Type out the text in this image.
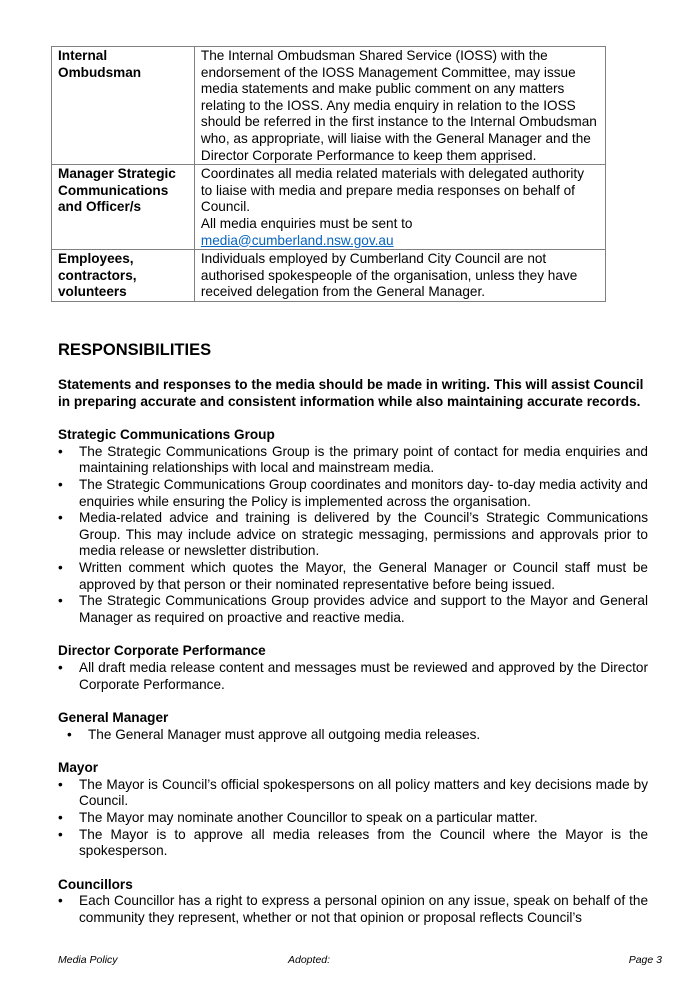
Internal Ombudsman	The Internal Ombudsman Shared Service (IOSS) with the endorsement of the IOSS Management Committee, may issue media statements and make public comment on any matters relating to the IOSS. Any media enquiry in relation to the IOSS should be referred in the first instance to the Internal Ombudsman who, as appropriate, will liaise with the General Manager and the Director Corporate Performance to keep them apprised.

Manager Strategic Communications and Officer/s	Coordinates all media related materials with delegated authority to liaise with media and prepare media responses on behalf of Council.
All media enquiries must be sent to
media@cumberland.nsw.gov.au

Employees, contractors, volunteers	Individuals employed by Cumberland City Council are not authorised spokespeople of the organisation, unless they have received delegation from the General Manager.
RESPONSIBILITIES
Statements and responses to the media should be made in writing. This will assist Council in preparing accurate and consistent information while also maintaining accurate records.
Strategic Communications Group
•	The Strategic Communications Group is the primary point of contact for media enquiries and maintaining relationships with local and mainstream media.
•	The Strategic Communications Group coordinates and monitors day- to-day media activity and enquiries while ensuring the Policy is implemented across the organisation.
•	Media-related advice and training is delivered by the Council’s Strategic Communications Group. This may include advice on strategic messaging, permissions and approvals prior to media release or newsletter distribution.
•	Written comment which quotes the Mayor, the General Manager or Council staff must be approved by that person or their nominated representative before being issued.
•	The Strategic Communications Group provides advice and support to the Mayor and General Manager as required on proactive and reactive media.
Director Corporate Performance
•	All draft media release content and messages must be reviewed and approved by the Director Corporate Performance.
General Manager
•	The General Manager must approve all outgoing media releases.
Mayor
•	The Mayor is Council’s official spokespersons on all policy matters and key decisions made by Council.
•	The Mayor may nominate another Councillor to speak on a particular matter.
•	The Mayor is to approve all media releases from the Council where the Mayor is the spokesperson.
Councillors
•	Each Councillor has a right to express a personal opinion on any issue, speak on behalf of the community they represent, whether or not that opinion or proposal reflects Council’s
Media Policy	Adopted:	Page 3
